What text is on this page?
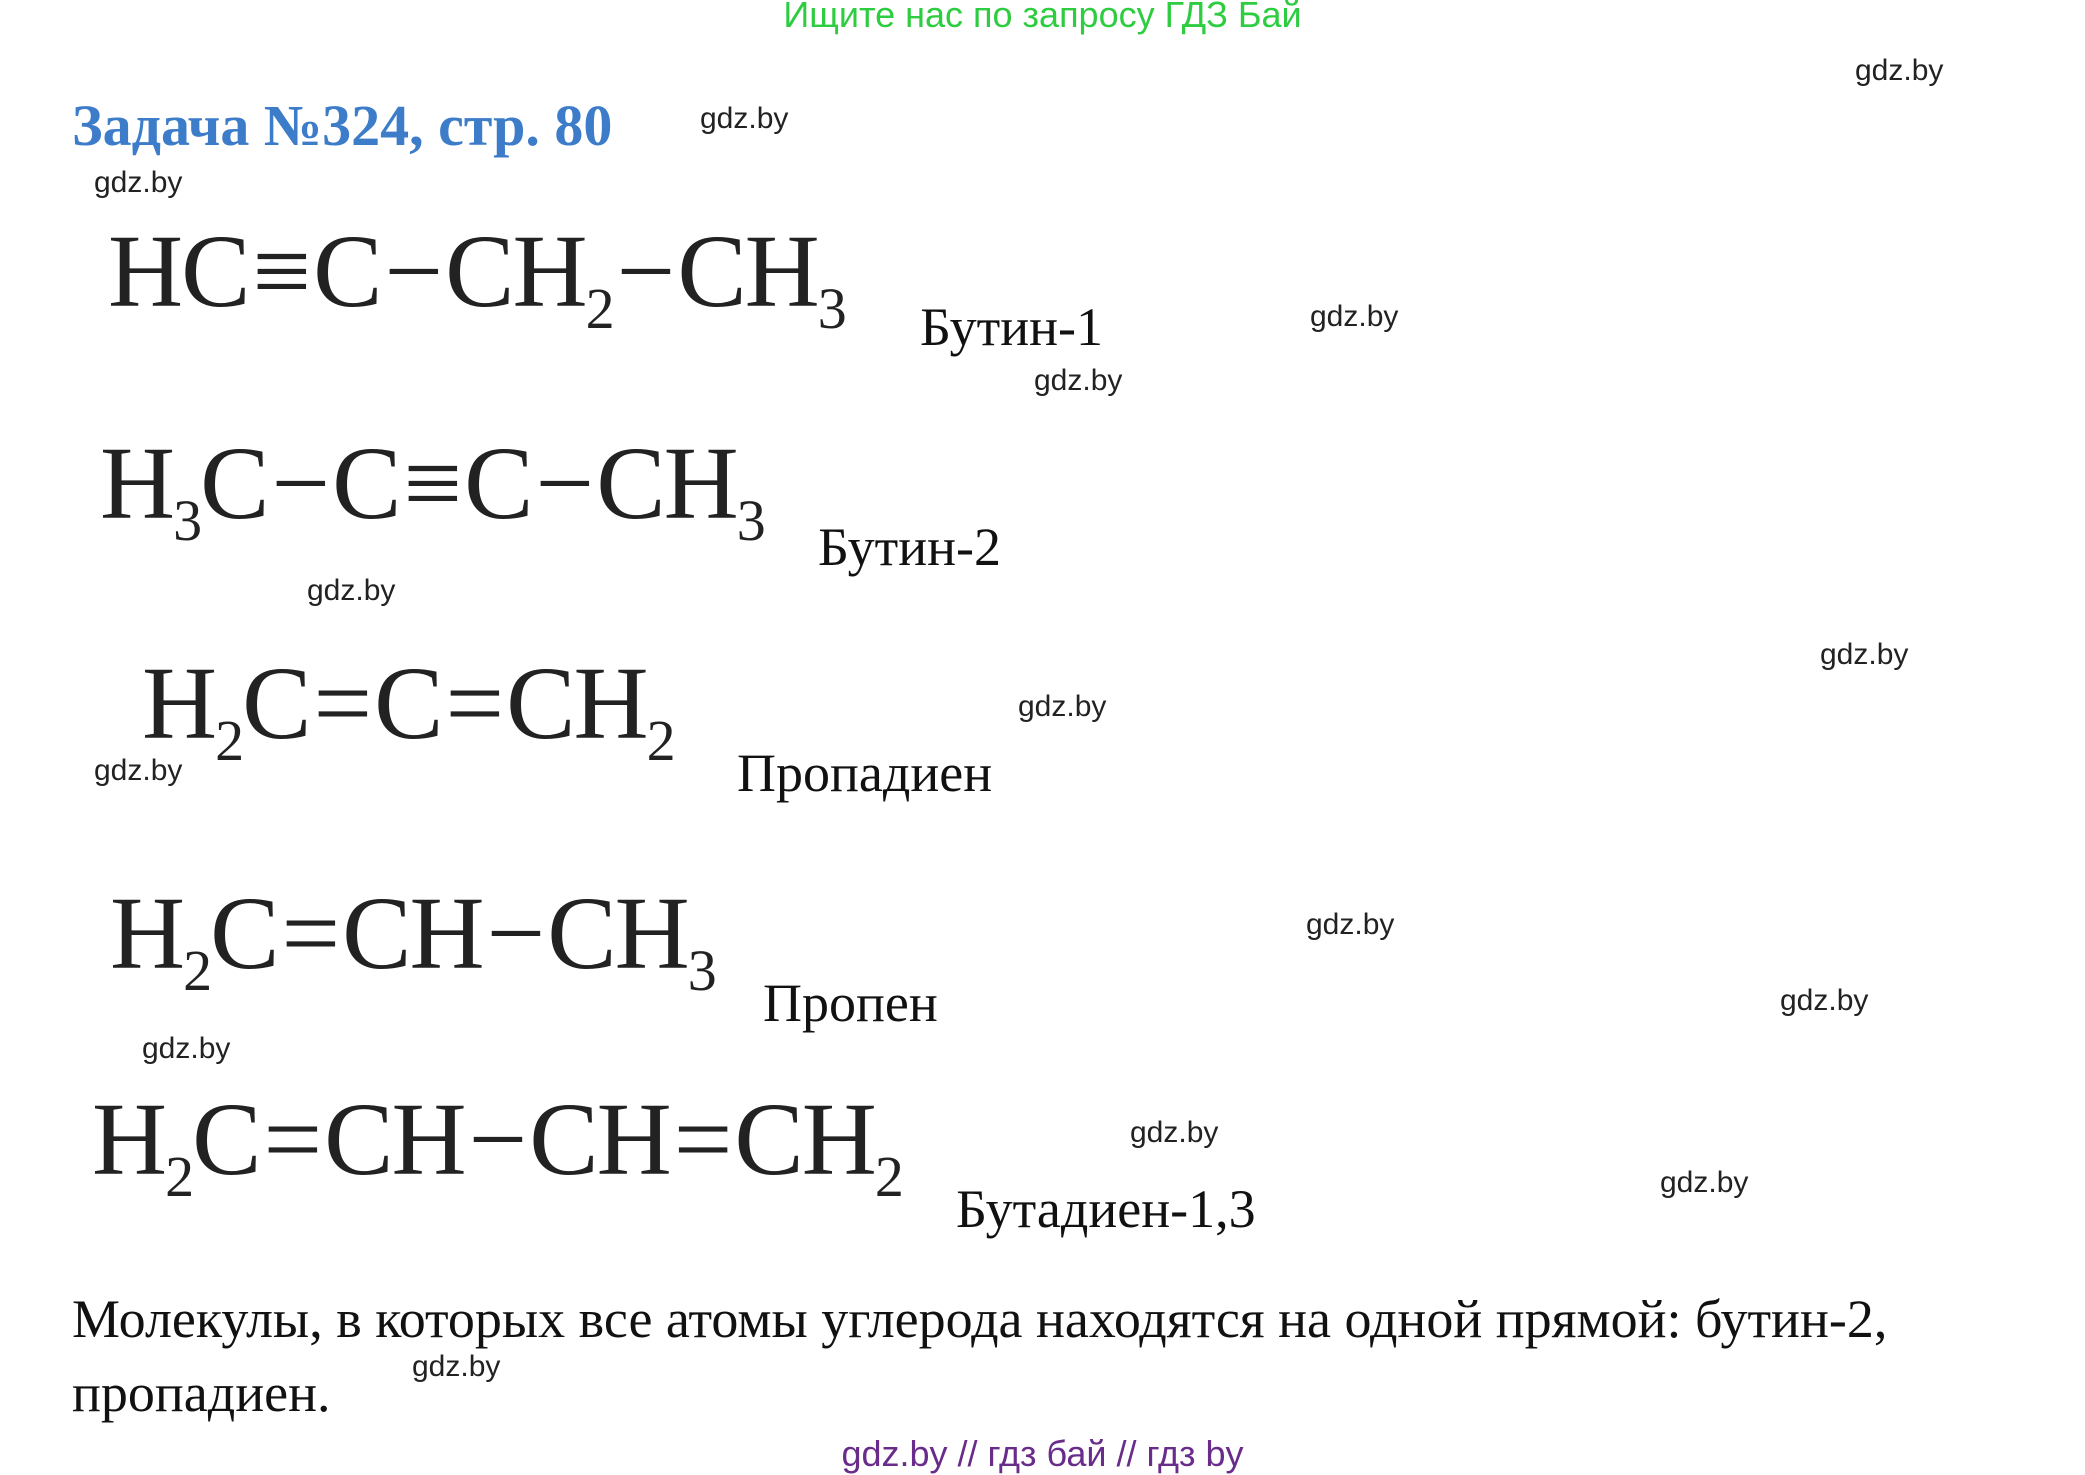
Ищите нас по запросу ГДЗ Бай
Задача №324, стр. 80
gdz.by
gdz.by
gdz.by
gdz.by
gdz.by
gdz.by
gdz.by
gdz.by
gdz.by
gdz.by
gdz.by
gdz.by
gdz.by
gdz.by
gdz.by
$HC\equiv C-CH_2-CH_3$ Бутин-1
$H_3C-C\equiv C-CH_3$ Бутин-2
$H_2C=C=CH_2$ Пропадиен
$H_2C=CH-CH_3$ Пропен
$H_2C=CH-CH=CH_2$ Бутадиен-1,3
Молекулы, в которых все атомы углерода находятся на одной прямой: бутин-2, пропадиен.
gdz.by // гдз бай // гдз by
